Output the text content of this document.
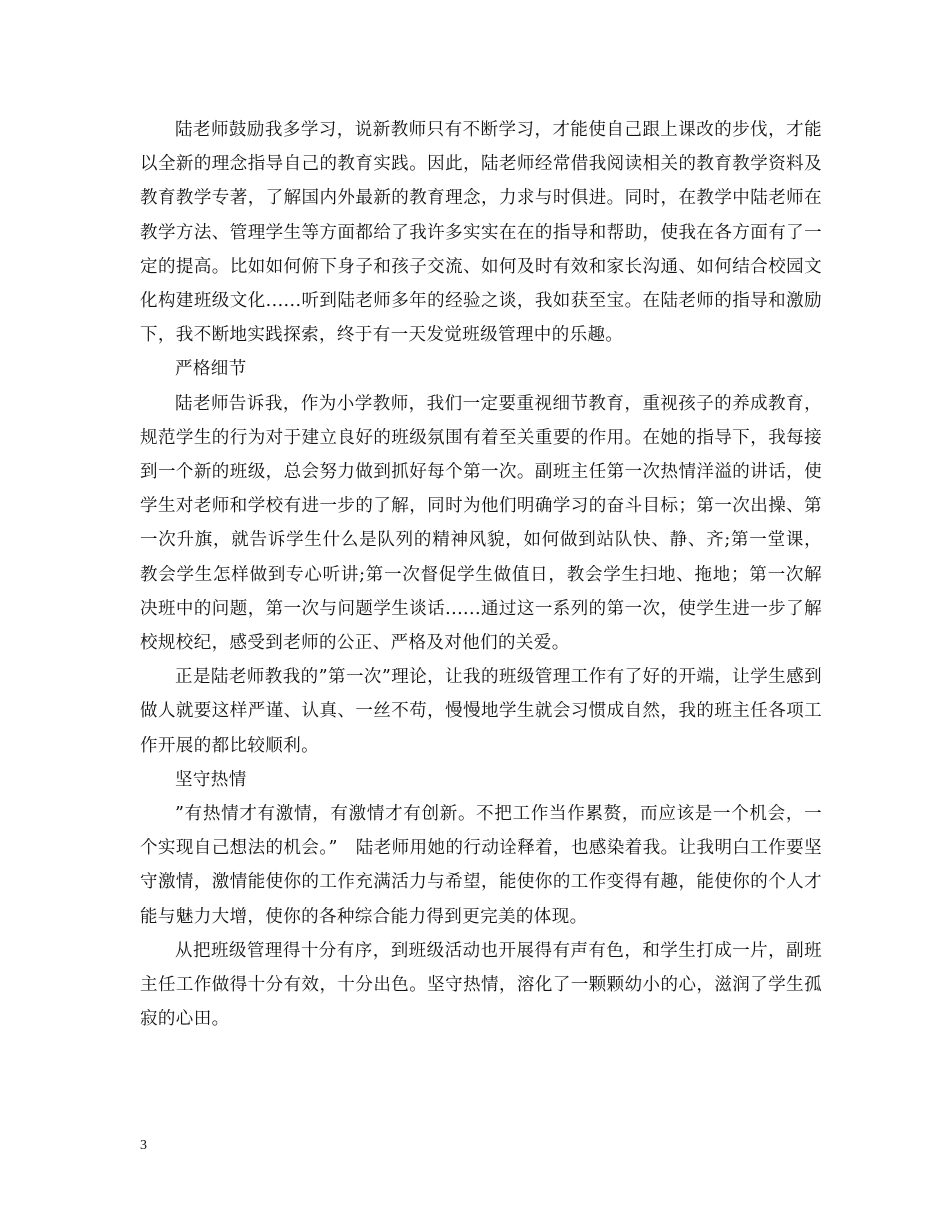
陆老师鼓励我多学习，说新教师只有不断学习，才能使自己跟上课改的步伐，才能以全新的理念指导自己的教育实践。因此，陆老师经常借我阅读相关的教育教学资料及教育教学专著，了解国内外最新的教育理念，力求与时俱进。同时，在教学中陆老师在教学方法、管理学生等方面都给了我许多实实在在的指导和帮助，使我在各方面有了一定的提高。比如如何俯下身子和孩子交流、如何及时有效和家长沟通、如何结合校园文化构建班级文化......听到陆老师多年的经验之谈，我如获至宝。在陆老师的指导和激励下，我不断地实践探索，终于有一天发觉班级管理中的乐趣。

严格细节

陆老师告诉我，作为小学教师，我们一定要重视细节教育，重视孩子的养成教育，规范学生的行为对于建立良好的班级氛围有着至关重要的作用。在她的指导下，我每接到一个新的班级，总会努力做到抓好每个第一次。副班主任第一次热情洋溢的讲话，使学生对老师和学校有进一步的了解，同时为他们明确学习的奋斗目标；第一次出操、第一次升旗，就告诉学生什么是队列的精神风貌，如何做到站队快、静、齐;第一堂课，教会学生怎样做到专心听讲;第一次督促学生做值日，教会学生扫地、拖地；第一次解决班中的问题，第一次与问题学生谈话......通过这一系列的第一次，使学生进一步了解校规校纪，感受到老师的公正、严格及对他们的关爱。

正是陆老师教我的”第一次”理论，让我的班级管理工作有了好的开端，让学生感到做人就要这样严谨、认真、一丝不苟，慢慢地学生就会习惯成自然，我的班主任各项工作开展的都比较顺利。

坚守热情

”有热情才有激情，有激情才有创新。不把工作当作累赘，而应该是一个机会，一个实现自己想法的机会。”　陆老师用她的行动诠释着，也感染着我。让我明白工作要坚守激情，激情能使你的工作充满活力与希望，能使你的工作变得有趣，能使你的个人才能与魅力大增，使你的各种综合能力得到更完美的体现。

从把班级管理得十分有序，到班级活动也开展得有声有色，和学生打成一片，副班主任工作做得十分有效，十分出色。坚守热情，溶化了一颗颗幼小的心，滋润了学生孤寂的心田。

3
